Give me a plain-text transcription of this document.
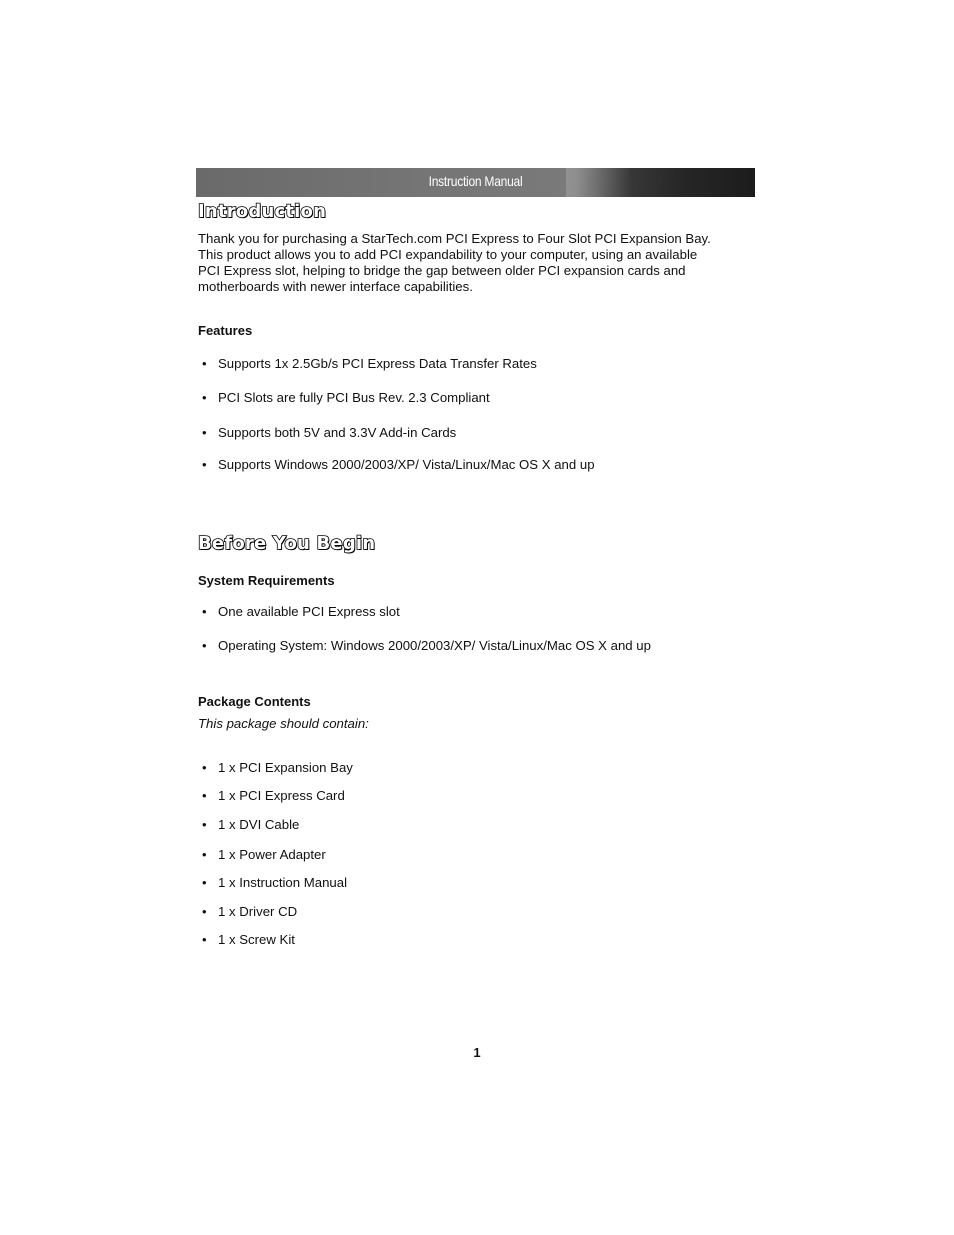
Instruction Manual
Introduction

Thank you for purchasing a StarTech.com PCI Express to Four Slot PCI Expansion Bay.
This product allows you to add PCI expandability to your computer, using an available
PCI Express slot, helping to bridge the gap between older PCI expansion cards and
motherboards with newer interface capabilities.

Features
• Supports 1x 2.5Gb/s PCI Express Data Transfer Rates
• PCI Slots are fully PCI Bus Rev. 2.3 Compliant
• Supports both 5V and 3.3V Add-in Cards
• Supports Windows 2000/2003/XP/ Vista/Linux/Mac OS X and up
Before You Begin
System Requirements
• One available PCI Express slot
• Operating System: Windows 2000/2003/XP/ Vista/Linux/Mac OS X and up
Package Contents

This package should contain:

• 1 x PCI Expansion Bay
• 1 x PCI Express Card
• 1 x DVI Cable
• 1 x Power Adapter
• 1 x Instruction Manual
• 1 x Driver CD
• 1 x Screw Kit
1
